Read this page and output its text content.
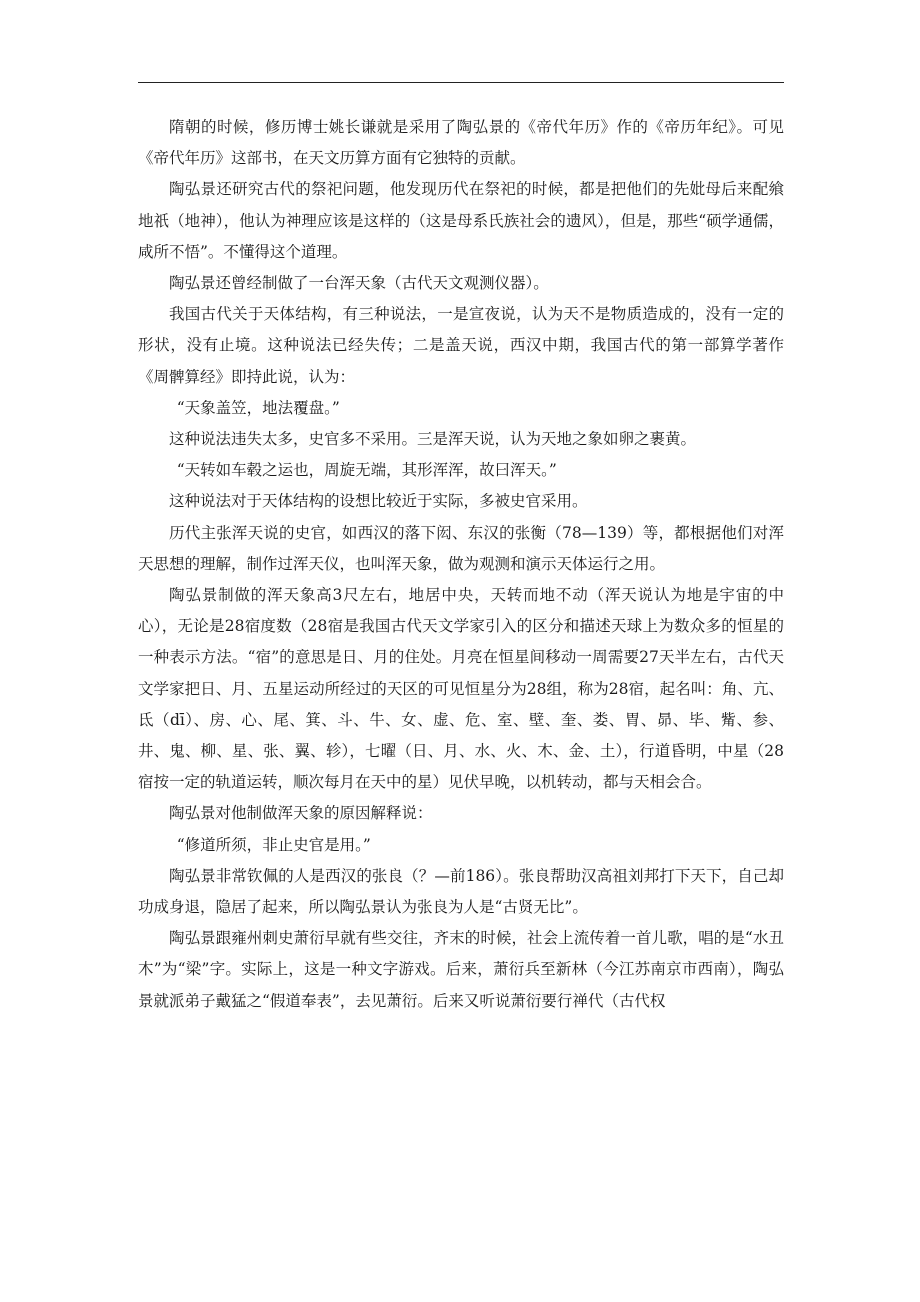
隋朝的时候，修历博士姚长谦就是采用了陶弘景的《帝代年历》作的《帝历年纪》。可见《帝代年历》这部书，在天文历算方面有它独特的贡献。

陶弘景还研究古代的祭祀问题，他发现历代在祭祀的时候，都是把他们的先妣母后来配飨地祇（地神），他认为神理应该是这样的（这是母系氏族社会的遗风），但是，那些“硕学通儒，咸所不悟”。不懂得这个道理。

陶弘景还曾经制做了一台浑天象（古代天文观测仪器）。

我国古代关于天体结构，有三种说法，一是宣夜说，认为天不是物质造成的，没有一定的形状，没有止境。这种说法已经失传；二是盖天说，西汉中期，我国古代的第一部算学著作《周髀算经》即持此说，认为：

“天象盖笠，地法覆盘。”

这种说法违失太多，史官多不采用。三是浑天说，认为天地之象如卵之裹黄。

“天转如车毂之运也，周旋无端，其形浑浑，故曰浑天。”

这种说法对于天体结构的设想比较近于实际，多被史官采用。

历代主张浑天说的史官，如西汉的落下闳、东汉的张衡（78—139）等，都根据他们对浑天思想的理解，制作过浑天仪，也叫浑天象，做为观测和演示天体运行之用。

陶弘景制做的浑天象高3尺左右，地居中央，天转而地不动（浑天说认为地是宇宙的中心），无论是28宿度数（28宿是我国古代天文学家引入的区分和描述天球上为数众多的恒星的一种表示方法。“宿”的意思是日、月的住处。月亮在恒星间移动一周需要27天半左右，古代天文学家把日、月、五星运动所经过的天区的可见恒星分为28组，称为28宿，起名叫：角、亢、氐（dī）、房、心、尾、箕、斗、牛、女、虚、危、室、壁、奎、娄、胃、昴、毕、觜、参、井、鬼、柳、星、张、翼、轸），七曜（日、月、水、火、木、金、土），行道昏明，中星（28宿按一定的轨道运转，顺次每月在天中的星）见伏早晚，以机转动，都与天相会合。

陶弘景对他制做浑天象的原因解释说：

“修道所须，非止史官是用。”

陶弘景非常钦佩的人是西汉的张良（？—前186）。张良帮助汉高祖刘邦打下天下，自己却功成身退，隐居了起来，所以陶弘景认为张良为人是“古贤无比”。

陶弘景跟雍州刺史萧衍早就有些交往，齐末的时候，社会上流传着一首儿歌，唱的是“水丑木”为“梁”字。实际上，这是一种文字游戏。后来，萧衍兵至新林（今江苏南京市西南），陶弘景就派弟子戴猛之“假道奉表”，去见萧衍。后来又听说萧衍要行禅代（古代权
